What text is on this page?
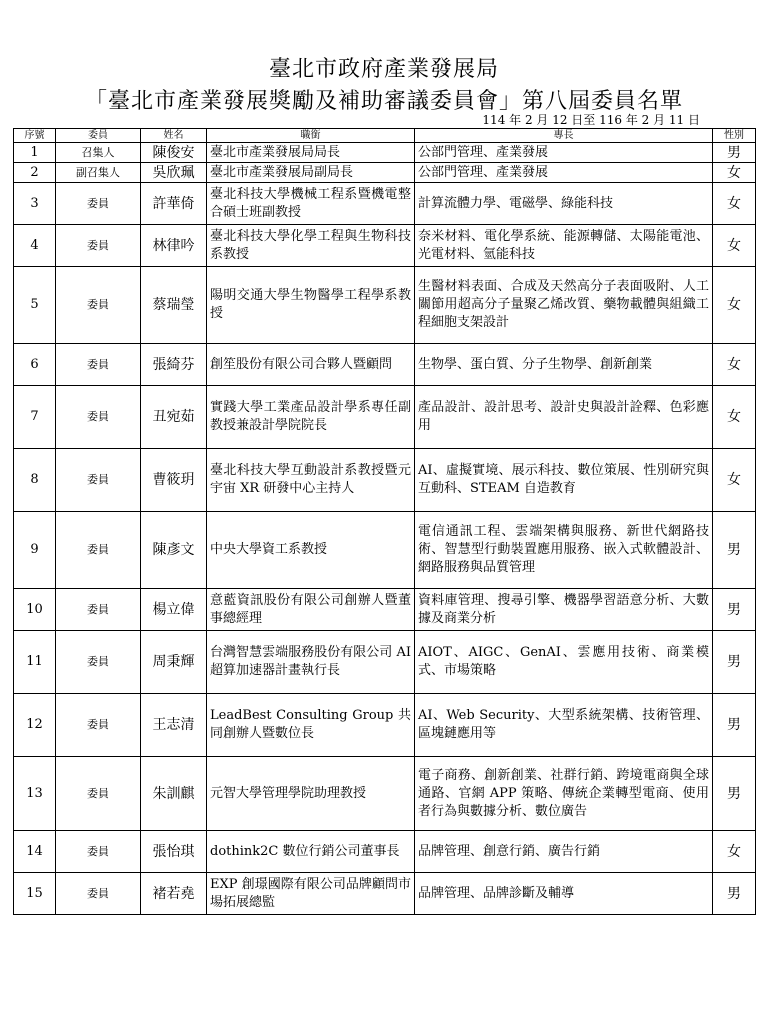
臺北市政府產業發展局
「臺北市產業發展獎勵及補助審議委員會」第八屆委員名單
114 年 2 月 12 日至 116 年 2 月 11 日
序號	委員	姓名	職銜	專長	性別
1	召集人	陳俊安	臺北市產業發展局局長	公部門管理、產業發展	男
2	副召集人	吳欣珮	臺北市產業發展局副局長	公部門管理、產業發展	女
3	委員	許華倚	臺北科技大學機械工程系暨機電整合碩士班副教授	計算流體力學、電磁學、綠能科技	女
4	委員	林律吟	臺北科技大學化學工程與生物科技系教授	奈米材料、電化學系統、能源轉儲、太陽能電池、光電材料、氫能科技	女
5	委員	蔡瑞瑩	陽明交通大學生物醫學工程學系教授	生醫材料表面、合成及天然高分子表面吸附、人工關節用超高分子量聚乙烯改質、藥物載體與組織工程細胞支架設計	女
6	委員	張綺芬	創笙股份有限公司合夥人暨顧問	生物學、蛋白質、分子生物學、創新創業	女
7	委員	丑宛茹	實踐大學工業產品設計學系專任副教授兼設計學院院長	產品設計、設計思考、設計史與設計詮釋、色彩應用	女
8	委員	曹筱玥	臺北科技大學互動設計系教授暨元宇宙 XR 研發中心主持人	AI、虛擬實境、展示科技、數位策展、性別研究與互動科、STEAM 自造教育	女
9	委員	陳彥文	中央大學資工系教授	電信通訊工程、雲端架構與服務、新世代網路技術、智慧型行動裝置應用服務、嵌入式軟體設計、網路服務與品質管理	男
10	委員	楊立偉	意藍資訊股份有限公司創辦人暨董事總經理	資料庫管理、搜尋引擎、機器學習語意分析、大數據及商業分析	男
11	委員	周秉輝	台灣智慧雲端服務股份有限公司 AI 超算加速器計畫執行長	AIOT、AIGC、GenAI、雲應用技術、商業模式、市場策略	男
12	委員	王志清	LeadBest Consulting Group 共同創辦人暨數位長	AI、Web Security、大型系統架構、技術管理、區塊鏈應用等	男
13	委員	朱訓麒	元智大學管理學院助理教授	電子商務、創新創業、社群行銷、跨境電商與全球通路、官網 APP 策略、傳統企業轉型電商、使用者行為與數據分析、數位廣告	男
14	委員	張怡琪	dothink2C 數位行銷公司董事長	品牌管理、創意行銷、廣告行銷	女
15	委員	褚若堯	EXP 創璟國際有限公司品牌顧問市場拓展總監	品牌管理、品牌診斷及輔導	男
